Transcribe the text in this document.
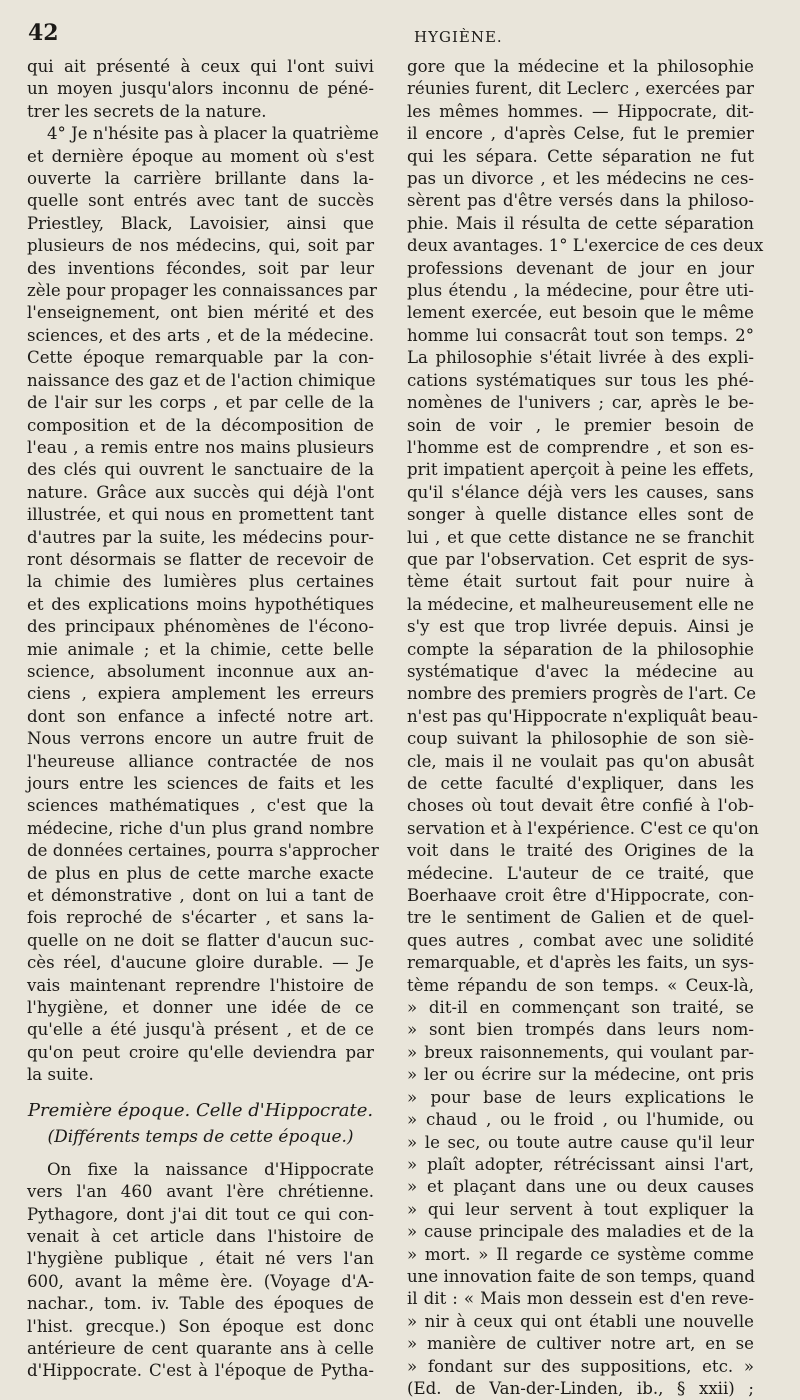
42	HYGIÈNE.
qui ait présenté à ceux qui l'ont suivi
un moyen jusqu'alors inconnu de péné-
trer les secrets de la nature.
4° Je n'hésite pas à placer la quatrième
et dernière époque au moment où s'est
ouverte la carrière brillante dans la-
quelle sont entrés avec tant de succès
Priestley, Black, Lavoisier, ainsi que
plusieurs de nos médecins, qui, soit par
des inventions fécondes, soit par leur
zèle pour propager les connaissances par
l'enseignement, ont bien mérité et des
sciences, et des arts , et de la médecine.
Cette époque remarquable par la con-
naissance des gaz et de l'action chimique
de l'air sur les corps , et par celle de la
composition et de la décomposition de
l'eau , a remis entre nos mains plusieurs
des clés qui ouvrent le sanctuaire de la
nature. Grâce aux succès qui déjà l'ont
illustrée, et qui nous en promettent tant
d'autres par la suite, les médecins pour-
ront désormais se flatter de recevoir de
la chimie des lumières plus certaines
et des explications moins hypothétiques
des principaux phénomènes de l'écono-
mie animale ; et la chimie, cette belle
science, absolument inconnue aux an-
ciens , expiera amplement les erreurs
dont son enfance a infecté notre art.
Nous verrons encore un autre fruit de
l'heureuse alliance contractée de nos
jours entre les sciences de faits et les
sciences mathématiques , c'est que la
médecine, riche d'un plus grand nombre
de données certaines, pourra s'approcher
de plus en plus de cette marche exacte
et démonstrative , dont on lui a tant de
fois reproché de s'écarter , et sans la-
quelle on ne doit se flatter d'aucun suc-
cès réel, d'aucune gloire durable. — Je
vais maintenant reprendre l'histoire de
l'hygiène, et donner une idée de ce
qu'elle a été jusqu'à présent , et de ce
qu'on peut croire qu'elle deviendra par
la suite.
Première époque. Celle d'Hippocrate.
(Différents temps de cette époque.)
On fixe la naissance d'Hippocrate
vers l'an 460 avant l'ère chrétienne.
Pythagore, dont j'ai dit tout ce qui con-
venait à cet article dans l'histoire de
l'hygiène publique , était né vers l'an
600, avant la même ère. (Voyage d'A-
nachar., tom. iv. Table des époques de
l'hist. grecque.) Son époque est donc
antérieure de cent quarante ans à celle
d'Hippocrate. C'est à l'époque de Pytha-
gore que la médecine et la philosophie
réunies furent, dit Leclerc , exercées par
les mêmes hommes. — Hippocrate, dit-
il encore , d'après Celse, fut le premier
qui les sépara. Cette séparation ne fut
pas un divorce , et les médecins ne ces-
sèrent pas d'être versés dans la philoso-
phie. Mais il résulta de cette séparation
deux avantages. 1° L'exercice de ces deux
professions devenant de jour en jour
plus étendu , la médecine, pour être uti-
lement exercée, eut besoin que le même
homme lui consacrât tout son temps. 2°
La philosophie s'était livrée à des expli-
cations systématiques sur tous les phé-
nomènes de l'univers ; car, après le be-
soin de voir , le premier besoin de
l'homme est de comprendre , et son es-
prit impatient aperçoit à peine les effets,
qu'il s'élance déjà vers les causes, sans
songer à quelle distance elles sont de
lui , et que cette distance ne se franchit
que par l'observation. Cet esprit de sys-
tème était surtout fait pour nuire à
la médecine, et malheureusement elle ne
s'y est que trop livrée depuis. Ainsi je
compte la séparation de la philosophie
systématique d'avec la médecine au
nombre des premiers progrès de l'art. Ce
n'est pas qu'Hippocrate n'expliquât beau-
coup suivant la philosophie de son siè-
cle, mais il ne voulait pas qu'on abusât
de cette faculté d'expliquer, dans les
choses où tout devait être confié à l'ob-
servation et à l'expérience. C'est ce qu'on
voit dans le traité des Origines de la
médecine. L'auteur de ce traité, que
Boerhaave croit être d'Hippocrate, con-
tre le sentiment de Galien et de quel-
ques autres , combat avec une solidité
remarquable, et d'après les faits, un sys-
tème répandu de son temps. « Ceux-là,
» dit-il en commençant son traité, se
» sont bien trompés dans leurs nom-
» breux raisonnements, qui voulant par-
» ler ou écrire sur la médecine, ont pris
» pour base de leurs explications le
» chaud , ou le froid , ou l'humide, ou
» le sec, ou toute autre cause qu'il leur
» plaît adopter, rétrécissant ainsi l'art,
» et plaçant dans une ou deux causes
» qui leur servent à tout expliquer la
» cause principale des maladies et de la
» mort. » Il regarde ce système comme
une innovation faite de son temps, quand
il dit : « Mais mon dessein est d'en reve-
» nir à ceux qui ont établi une nouvelle
» manière de cultiver notre art, en se
» fondant sur des suppositions, etc. »
(Ed. de Van-der-Linden, ib., § xxii) ;
